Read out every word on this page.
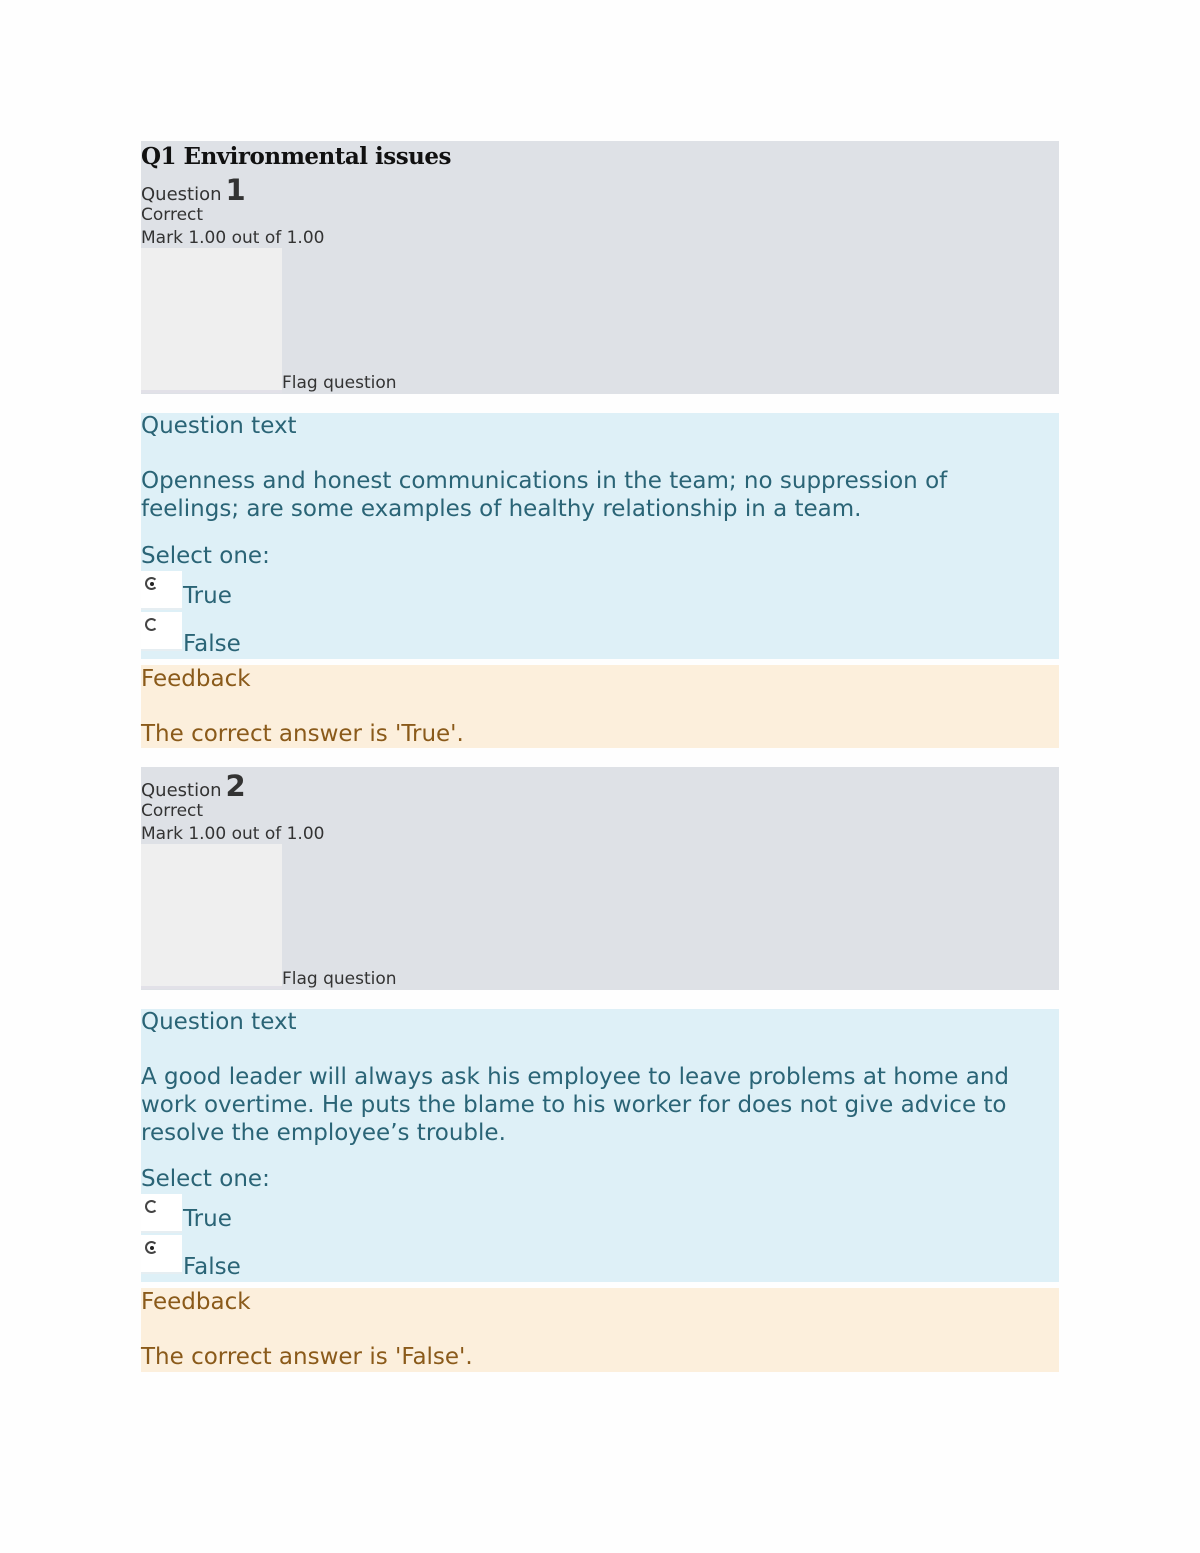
Q1 Environmental issues
Question 1
Correct
Mark 1.00 out of 1.00
Flag question
Question text
Openness and honest communications in the team; no suppression of
feelings; are some examples of healthy relationship in a team.
Select one:
True
False
Feedback
The correct answer is 'True'.
Question 2
Correct
Mark 1.00 out of 1.00
Flag question
Question text
A good leader will always ask his employee to leave problems at home and
work overtime. He puts the blame to his worker for does not give advice to
resolve the employee’s trouble.
Select one:
True
False
Feedback
The correct answer is 'False'.
